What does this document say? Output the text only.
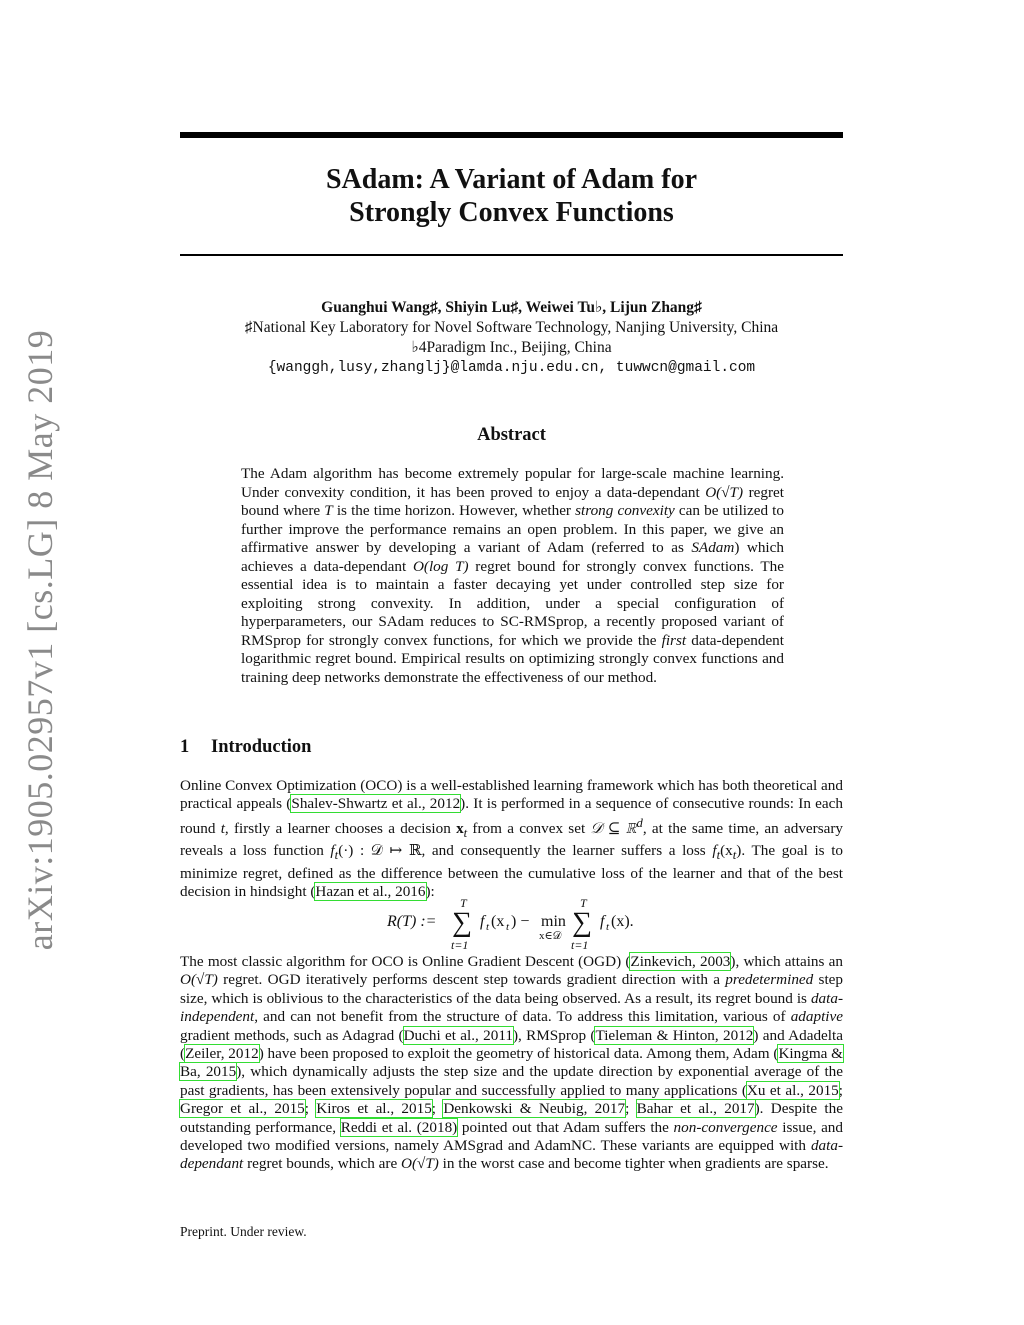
arXiv:1905.02957v1 [cs.LG] 8 May 2019
SAdam: A Variant of Adam for
Strongly Convex Functions
Guanghui Wang♯, Shiyin Lu♯, Weiwei Tu♭, Lijun Zhang♯
♯National Key Laboratory for Novel Software Technology, Nanjing University, China
♭4Paradigm Inc., Beijing, China
{wanggh,lusy,zhanglj}@lamda.nju.edu.cn, tuwwcn@gmail.com
Abstract
The Adam algorithm has become extremely popular for large-scale machine learning. Under convexity condition, it has been proved to enjoy a data-dependant O(√T) regret bound where T is the time horizon. However, whether strong convexity can be utilized to further improve the performance remains an open problem. In this paper, we give an affirmative answer by developing a variant of Adam (referred to as SAdam) which achieves a data-dependant O(log T) regret bound for strongly convex functions. The essential idea is to maintain a faster decaying yet under controlled step size for exploiting strong convexity. In addition, under a special configuration of hyperparameters, our SAdam reduces to SC-RMSprop, a recently proposed variant of RMSprop for strongly convex functions, for which we provide the first data-dependent logarithmic regret bound. Empirical results on optimizing strongly convex functions and training deep networks demonstrate the effectiveness of our method.
1 Introduction
Online Convex Optimization (OCO) is a well-established learning framework which has both theoretical and practical appeals (Shalev-Shwartz et al., 2012). It is performed in a sequence of consecutive rounds: In each round t, firstly a learner chooses a decision $x_t$ from a convex set 𝒟 ⊆ ℝ$^d$, at the same time, an adversary reveals a loss function $f_t(\cdot)$ : 𝒟 ↦ ℝ, and consequently the learner suffers a loss $f_t(x_t)$. The goal is to minimize regret, defined as the difference between the cumulative loss of the learner and that of the best decision in hindsight (Hazan et al., 2016):
R(T) := ∑
T
t=1
f t (x t ) − min
x∈𝒟 ∑
T
t=1
f t (x).
The most classic algorithm for OCO is Online Gradient Descent (OGD) (Zinkevich, 2003), which attains an O(√T) regret. OGD iteratively performs descent step towards gradient direction with a predetermined step size, which is oblivious to the characteristics of the data being observed. As a result, its regret bound is data-independent, and can not benefit from the structure of data. To address this limitation, various of adaptive gradient methods, such as Adagrad (Duchi et al., 2011), RMSprop (Tieleman & Hinton, 2012) and Adadelta (Zeiler, 2012) have been proposed to exploit the geometry of historical data. Among them, Adam (Kingma & Ba, 2015), which dynamically adjusts the step size and the update direction by exponential average of the past gradients, has been extensively popular and successfully applied to many applications (Xu et al., 2015; Gregor et al., 2015; Kiros et al., 2015; Denkowski & Neubig, 2017; Bahar et al., 2017). Despite the outstanding performance, Reddi et al. (2018) pointed out that Adam suffers the non-convergence issue, and developed two modified versions, namely AMSgrad and AdamNC. These variants are equipped with data-dependant regret bounds, which are O(√T) in the worst case and become tighter when gradients are sparse.
Preprint. Under review.
